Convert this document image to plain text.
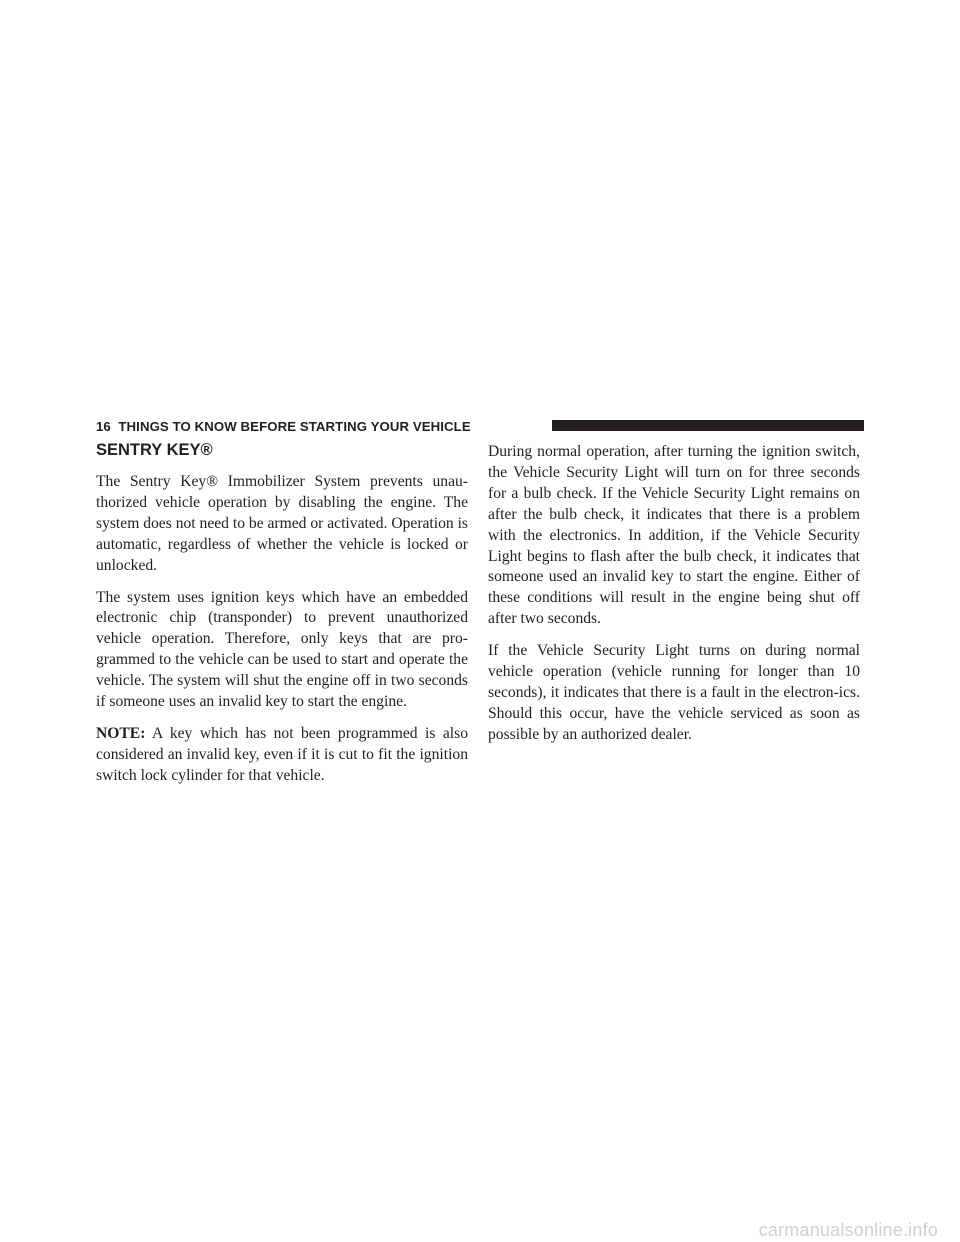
16 THINGS TO KNOW BEFORE STARTING YOUR VEHICLE
SENTRY KEY®

The Sentry Key® Immobilizer System prevents unau-thorized vehicle operation by disabling the engine. The system does not need to be armed or activated. Operation is automatic, regardless of whether the vehicle is locked or unlocked.

The system uses ignition keys which have an embedded electronic chip (transponder) to prevent unauthorized vehicle operation. Therefore, only keys that are pro-grammed to the vehicle can be used to start and operate the vehicle. The system will shut the engine off in two seconds if someone uses an invalid key to start the engine.

NOTE: A key which has not been programmed is also considered an invalid key, even if it is cut to fit the ignition switch lock cylinder for that vehicle.

During normal operation, after turning the ignition switch, the Vehicle Security Light will turn on for three seconds for a bulb check. If the Vehicle Security Light remains on after the bulb check, it indicates that there is a problem with the electronics. In addition, if the Vehicle Security Light begins to flash after the bulb check, it indicates that someone used an invalid key to start the engine. Either of these conditions will result in the engine being shut off after two seconds.

If the Vehicle Security Light turns on during normal vehicle operation (vehicle running for longer than 10 seconds), it indicates that there is a fault in the electron-ics. Should this occur, have the vehicle serviced as soon as possible by an authorized dealer.

carmanualsonline.info
